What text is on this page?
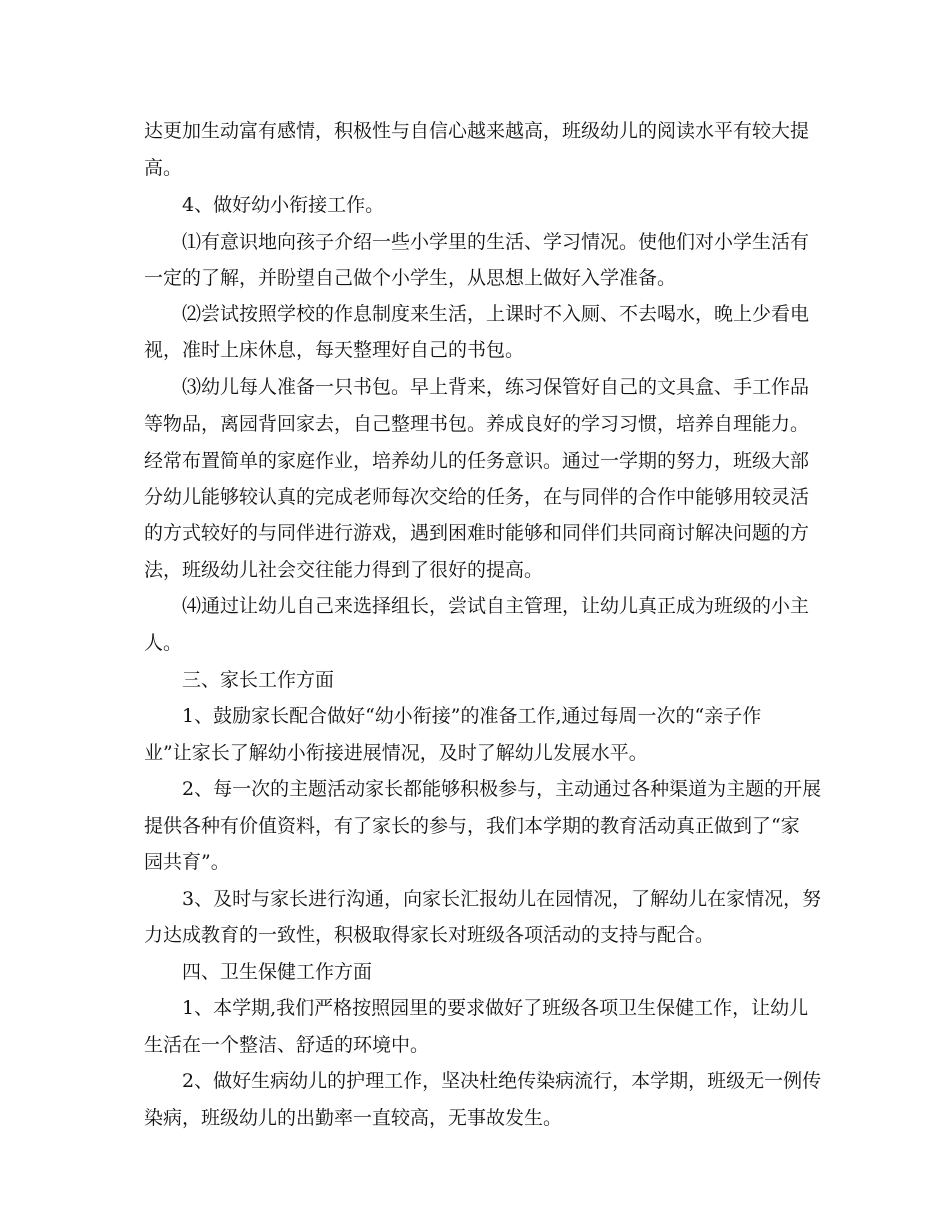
达更加生动富有感情，积极性与自信心越来越高，班级幼儿的阅读水平有较大提
高。
4、做好幼小衔接工作。
⑴有意识地向孩子介绍一些小学里的生活、学习情况。使他们对小学生活有
一定的了解，并盼望自己做个小学生，从思想上做好入学准备。
⑵尝试按照学校的作息制度来生活，上课时不入厕、不去喝水，晚上少看电
视，准时上床休息，每天整理好自己的书包。
⑶幼儿每人准备一只书包。早上背来，练习保管好自己的文具盒、手工作品
等物品，离园背回家去，自己整理书包。养成良好的学习习惯，培养自理能力。
经常布置简单的家庭作业，培养幼儿的任务意识。通过一学期的努力，班级大部
分幼儿能够较认真的完成老师每次交给的任务，在与同伴的合作中能够用较灵活
的方式较好的与同伴进行游戏，遇到困难时能够和同伴们共同商讨解决问题的方
法，班级幼儿社会交往能力得到了很好的提高。
⑷通过让幼儿自己来选择组长，尝试自主管理，让幼儿真正成为班级的小主
人。
三、家长工作方面
1、鼓励家长配合做好“幼小衔接”的准备工作,通过每周一次的“亲子作
业”让家长了解幼小衔接进展情况，及时了解幼儿发展水平。
2、每一次的主题活动家长都能够积极参与，主动通过各种渠道为主题的开展
提供各种有价值资料，有了家长的参与，我们本学期的教育活动真正做到了“家
园共育”。
3、及时与家长进行沟通，向家长汇报幼儿在园情况，了解幼儿在家情况，努
力达成教育的一致性，积极取得家长对班级各项活动的支持与配合。
四、卫生保健工作方面
1、本学期,我们严格按照园里的要求做好了班级各项卫生保健工作，让幼儿
生活在一个整洁、舒适的环境中。
2、做好生病幼儿的护理工作，坚决杜绝传染病流行，本学期，班级无一例传
染病，班级幼儿的出勤率一直较高，无事故发生。
